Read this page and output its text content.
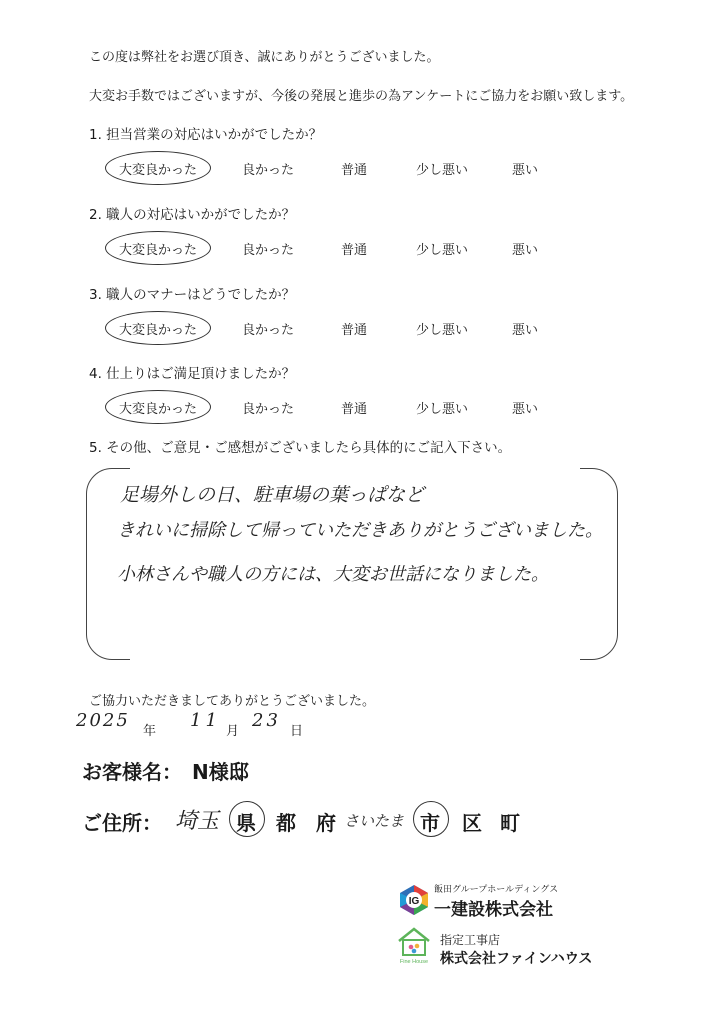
この度は弊社をお選び頂き、誠にありがとうございました。
大変お手数ではございますが、今後の発展と進歩の為アンケートにご協力をお願い致します。
1. 担当営業の対応はいかがでしたか？
大変良かった	良かった	普通	少し悪い	悪い
2. 職人の対応はいかがでしたか？
大変良かった	良かった	普通	少し悪い	悪い
3. 職人のマナーはどうでしたか？
大変良かった	良かった	普通	少し悪い	悪い
4. 仕上りはご満足頂けましたか？
大変良かった	良かった	普通	少し悪い	悪い
5. その他、ご意見・ご感想がございましたら具体的にご記入下さい。
足場外しの日、駐車場の葉っぱなど
きれいに掃除して帰っていただきありがとうございました。
小林さんや職人の方には、大変お世話になりました。
ご協力いただきましてありがとうございました。
2025
年
11
月
23
日
お客様名： N様邸
ご住所： 埼玉 県 都 府 さいたま 市 区 町
IG
飯田グループホールディングス
一建設株式会社
Fine House
指定工事店
株式会社ファインハウス
